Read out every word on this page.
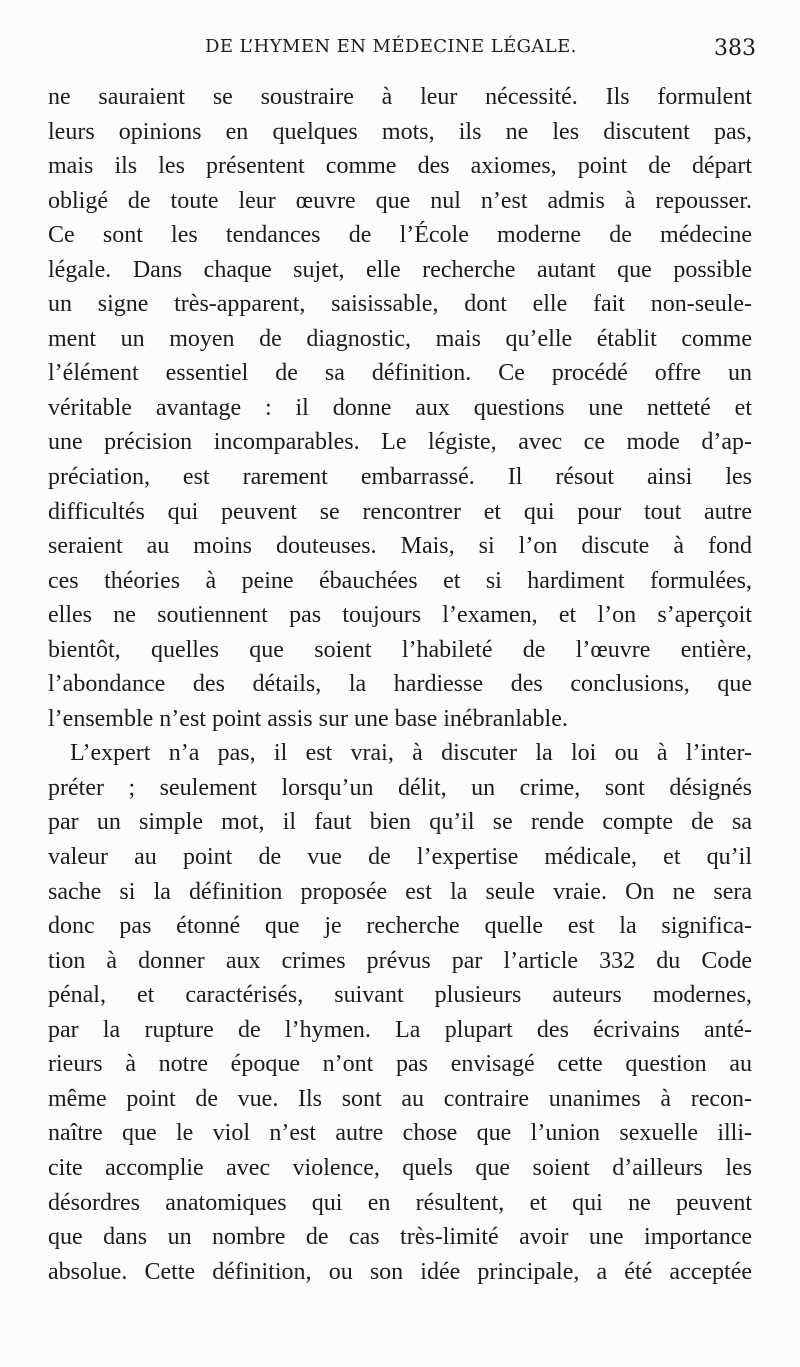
DE L’HYMEN EN MÉDECINE LÉGALE.	383
ne sauraient se soustraire à leur nécessité. Ils formulent
leurs opinions en quelques mots, ils ne les discutent pas,
mais ils les présentent comme des axiomes, point de départ
obligé de toute leur œuvre que nul n’est admis à repousser.
Ce sont les tendances de l’École moderne de médecine
légale. Dans chaque sujet, elle recherche autant que possible
un signe très-apparent, saisissable, dont elle fait non-seule-
ment un moyen de diagnostic, mais qu’elle établit comme
l’élément essentiel de sa définition. Ce procédé offre un
véritable avantage : il donne aux questions une netteté et
une précision incomparables. Le légiste, avec ce mode d’ap-
préciation, est rarement embarrassé. Il résout ainsi les
difficultés qui peuvent se rencontrer et qui pour tout autre
seraient au moins douteuses. Mais, si l’on discute à fond
ces théories à peine ébauchées et si hardiment formulées,
elles ne soutiennent pas toujours l’examen, et l’on s’aperçoit
bientôt, quelles que soient l’habileté de l’œuvre entière,
l’abondance des détails, la hardiesse des conclusions, que
l’ensemble n’est point assis sur une base inébranlable.
L’expert n’a pas, il est vrai, à discuter la loi ou à l’inter-
préter ; seulement lorsqu’un délit, un crime, sont désignés
par un simple mot, il faut bien qu’il se rende compte de sa
valeur au point de vue de l’expertise médicale, et qu’il
sache si la définition proposée est la seule vraie. On ne sera
donc pas étonné que je recherche quelle est la significa-
tion à donner aux crimes prévus par l’article 332 du Code
pénal, et caractérisés, suivant plusieurs auteurs modernes,
par la rupture de l’hymen. La plupart des écrivains anté-
rieurs à notre époque n’ont pas envisagé cette question au
même point de vue. Ils sont au contraire unanimes à recon-
naître que le viol n’est autre chose que l’union sexuelle illi-
cite accomplie avec violence, quels que soient d’ailleurs les
désordres anatomiques qui en résultent, et qui ne peuvent
que dans un nombre de cas très-limité avoir une importance
absolue. Cette définition, ou son idée principale, a été acceptée
